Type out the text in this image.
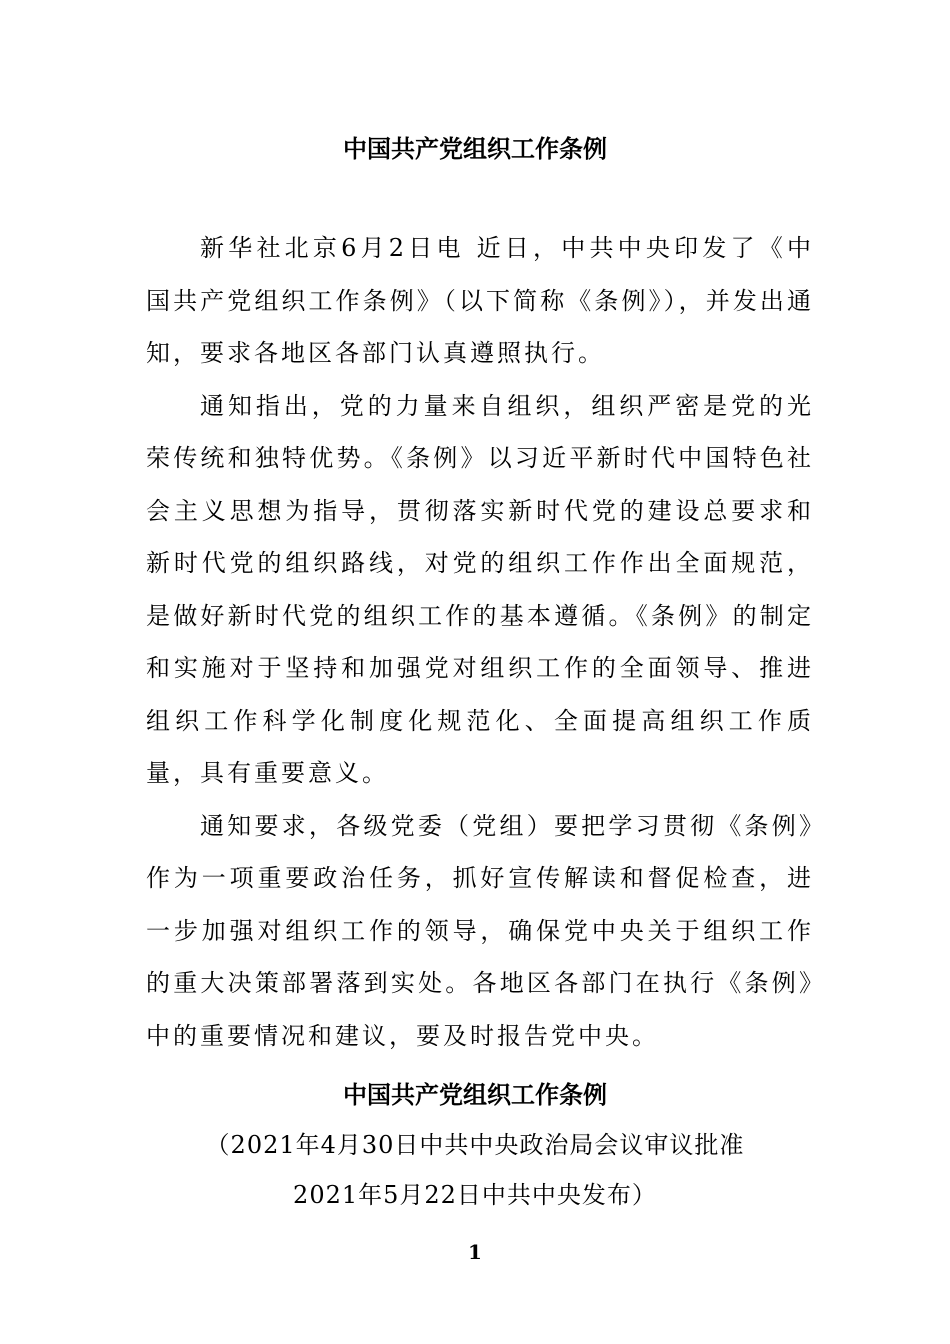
中国共产党组织工作条例

新华社北京6月2日电 近日，中共中央印发了《中国共产党组织工作条例》（以下简称《条例》），并发出通知，要求各地区各部门认真遵照执行。

通知指出，党的力量来自组织，组织严密是党的光荣传统和独特优势。《条例》以习近平新时代中国特色社会主义思想为指导，贯彻落实新时代党的建设总要求和新时代党的组织路线，对党的组织工作作出全面规范，是做好新时代党的组织工作的基本遵循。《条例》的制定和实施对于坚持和加强党对组织工作的全面领导、推进组织工作科学化制度化规范化、全面提高组织工作质量，具有重要意义。

通知要求，各级党委（党组）要把学习贯彻《条例》作为一项重要政治任务，抓好宣传解读和督促检查，进一步加强对组织工作的领导，确保党中央关于组织工作的重大决策部署落到实处。各地区各部门在执行《条例》中的重要情况和建议，要及时报告党中央。

中国共产党组织工作条例
（2021年4月30日中共中央政治局会议审议批准
2021年5月22日中共中央发布）
1
